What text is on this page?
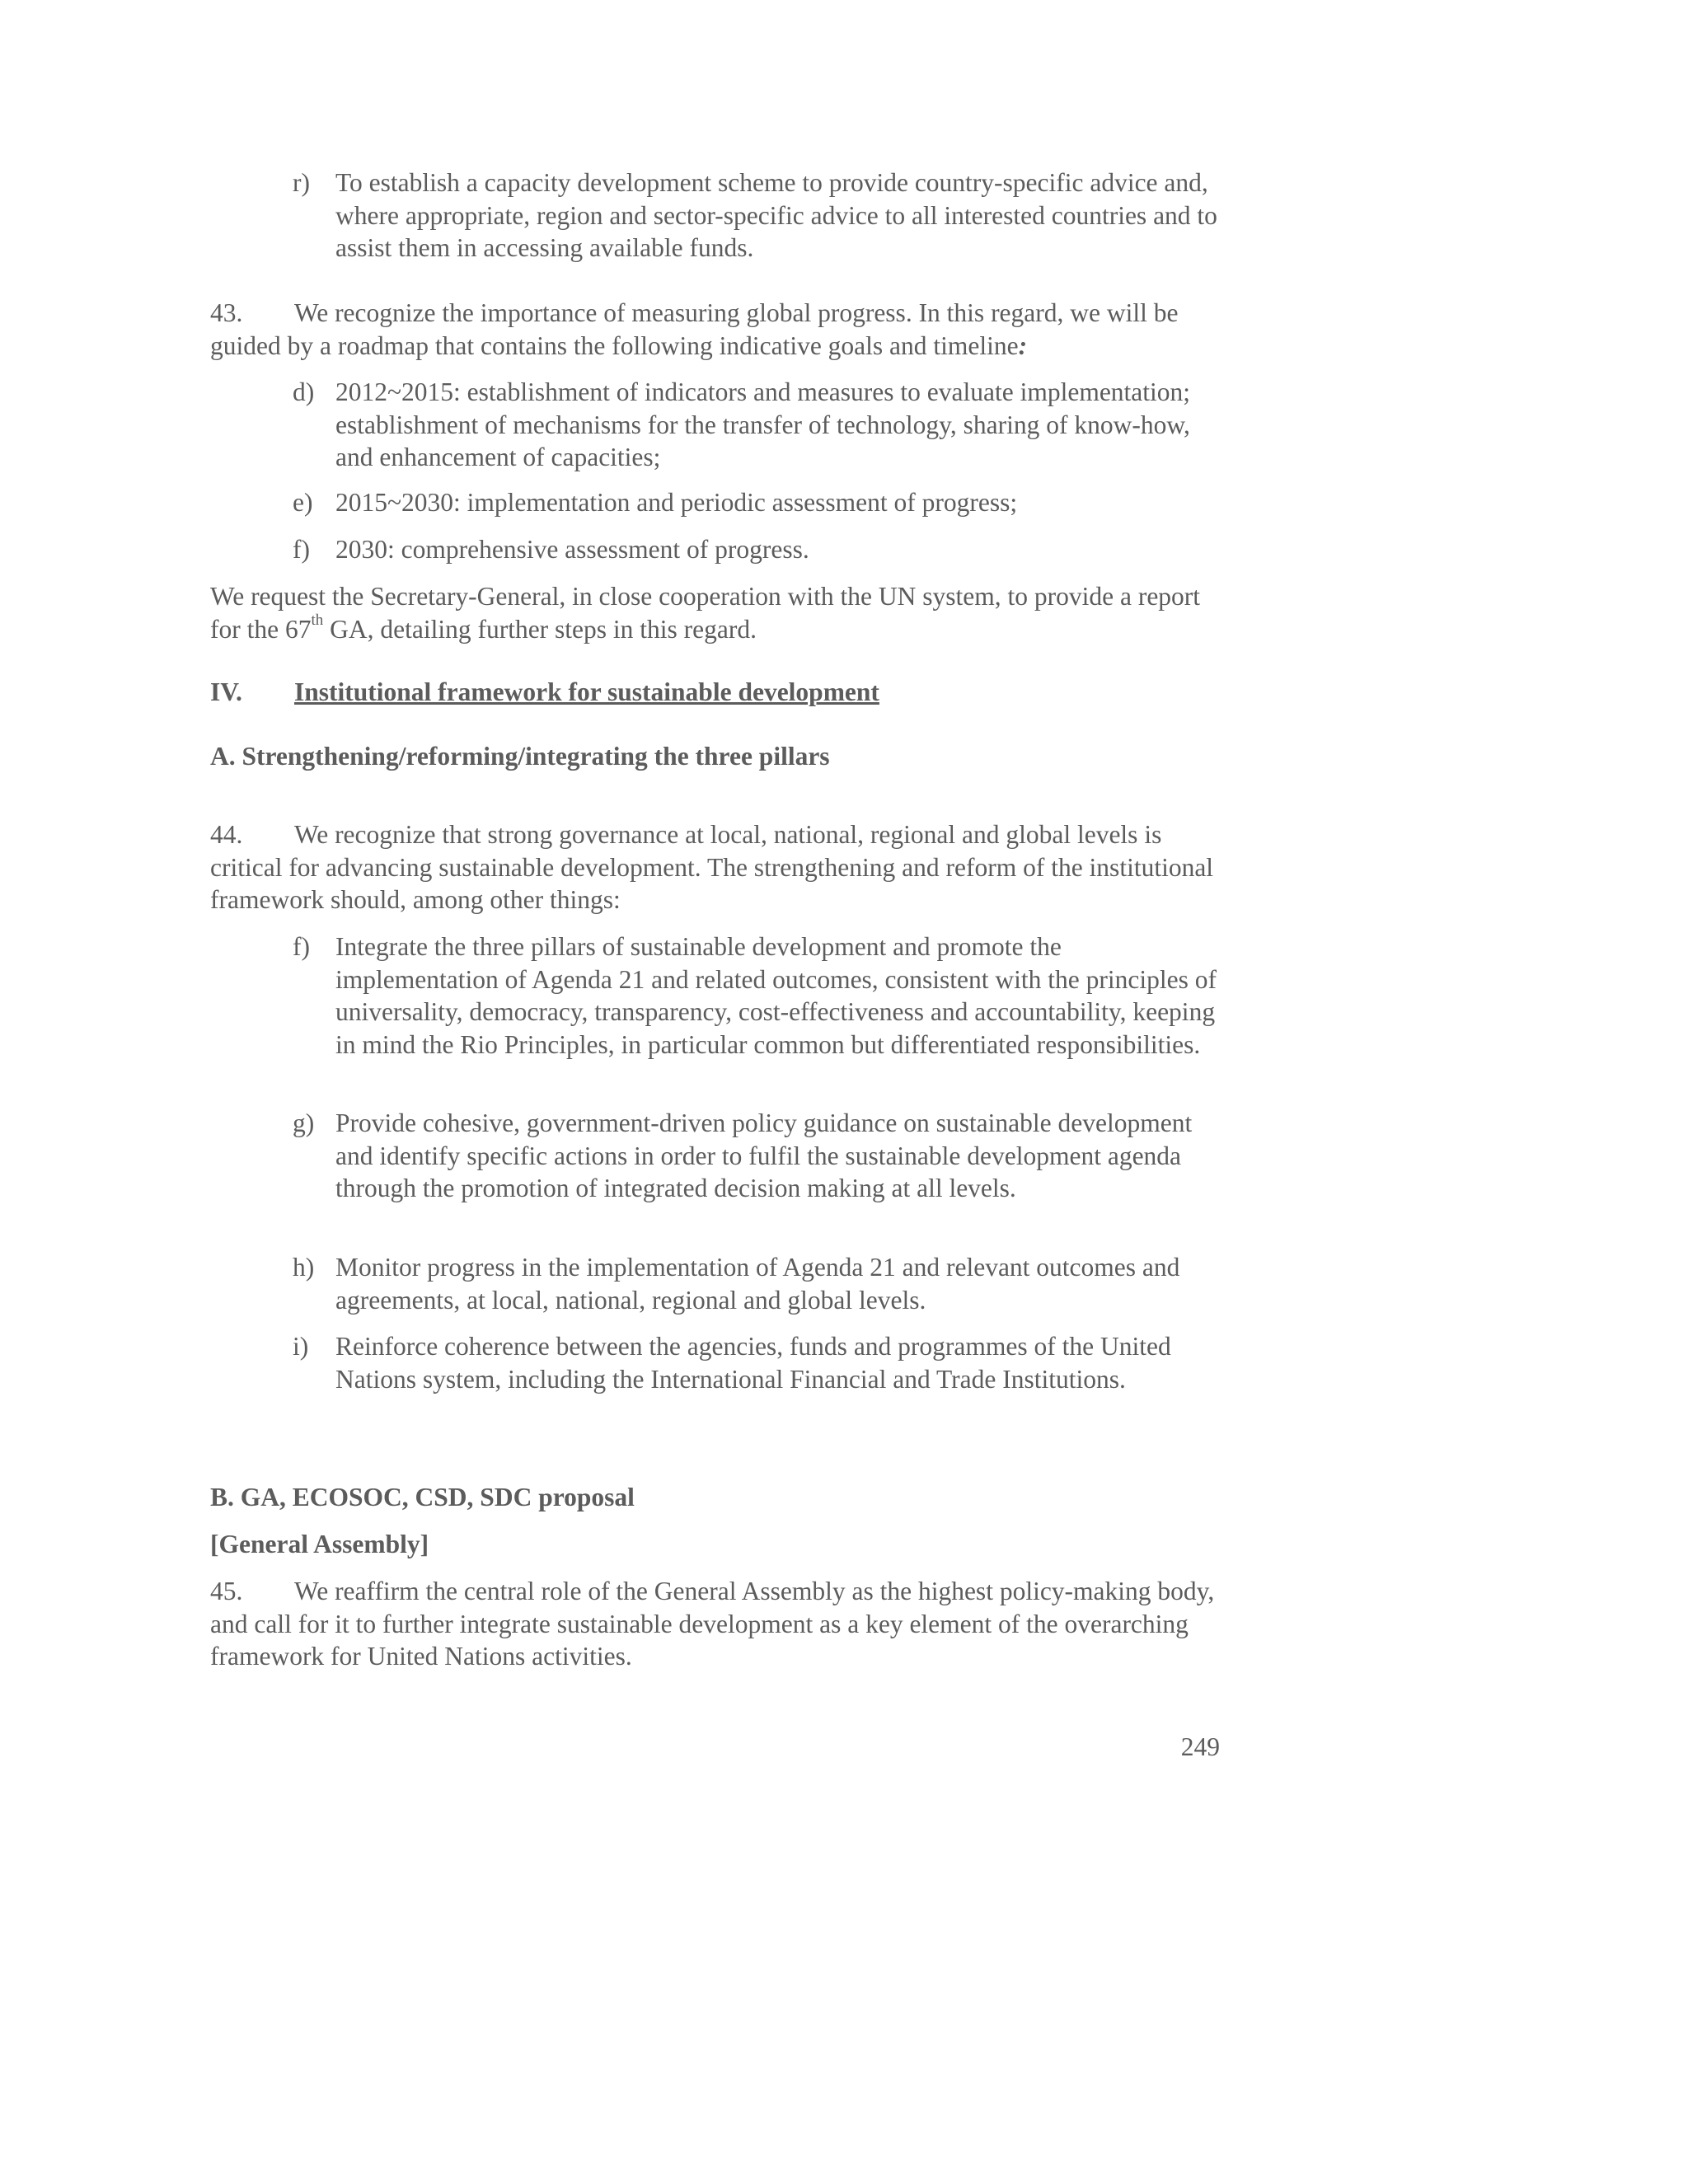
r) To establish a capacity development scheme to provide country-specific advice and, where appropriate, region and sector-specific advice to all interested countries and to assist them in accessing available funds.

43. We recognize the importance of measuring global progress. In this regard, we will be guided by a roadmap that contains the following indicative goals and timeline:

d) 2012~2015: establishment of indicators and measures to evaluate implementation; establishment of mechanisms for the transfer of technology, sharing of know-how, and enhancement of capacities;
e) 2015~2030: implementation and periodic assessment of progress;
f) 2030: comprehensive assessment of progress.

We request the Secretary-General, in close cooperation with the UN system, to provide a report for the 67th GA, detailing further steps in this regard.

IV. Institutional framework for sustainable development
A. Strengthening/reforming/integrating the three pillars

44. We recognize that strong governance at local, national, regional and global levels is critical for advancing sustainable development. The strengthening and reform of the institutional framework should, among other things:

f) Integrate the three pillars of sustainable development and promote the implementation of Agenda 21 and related outcomes, consistent with the principles of universality, democracy, transparency, cost-effectiveness and accountability, keeping in mind the Rio Principles, in particular common but differentiated responsibilities.
g) Provide cohesive, government-driven policy guidance on sustainable development and identify specific actions in order to fulfil the sustainable development agenda through the promotion of integrated decision making at all levels.
h) Monitor progress in the implementation of Agenda 21 and relevant outcomes and agreements, at local, national, regional and global levels.
i) Reinforce coherence between the agencies, funds and programmes of the United Nations system, including the International Financial and Trade Institutions.
B. GA, ECOSOC, CSD, SDC proposal
[General Assembly]

45. We reaffirm the central role of the General Assembly as the highest policy-making body, and call for it to further integrate sustainable development as a key element of the overarching framework for United Nations activities.

249
